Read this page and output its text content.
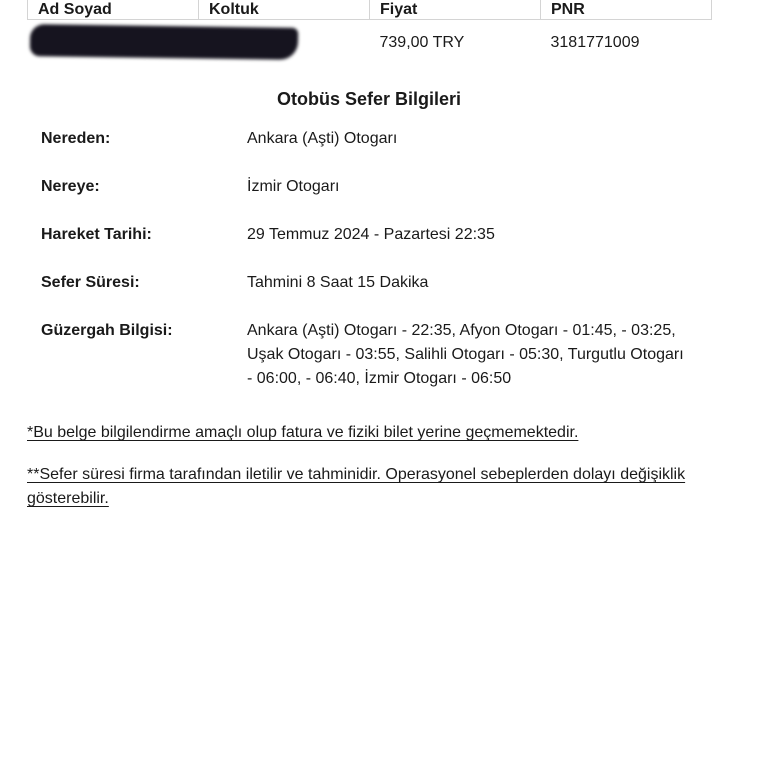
Ad Soyad	Koltuk	Fiyat	PNR
		739,00 TRY	3181771009
Otobüs Sefer Bilgileri
Nereden:	Ankara (Aşti) Otogarı
Nereye:	İzmir Otogarı
Hareket Tarihi:	29 Temmuz 2024 - Pazartesi 22:35
Sefer Süresi:	Tahmini 8 Saat 15 Dakika
Güzergah Bilgisi:	Ankara (Aşti) Otogarı - 22:35, Afyon Otogarı - 01:45, - 03:25, Uşak Otogarı - 03:55, Salihli Otogarı - 05:30, Turgutlu Otogarı - 06:00, - 06:40, İzmir Otogarı - 06:50
*Bu belge bilgilendirme amaçlı olup fatura ve fiziki bilet yerine geçmemektedir.
**Sefer süresi firma tarafından iletilir ve tahminidir. Operasyonel sebeplerden dolayı değişiklik gösterebilir.
